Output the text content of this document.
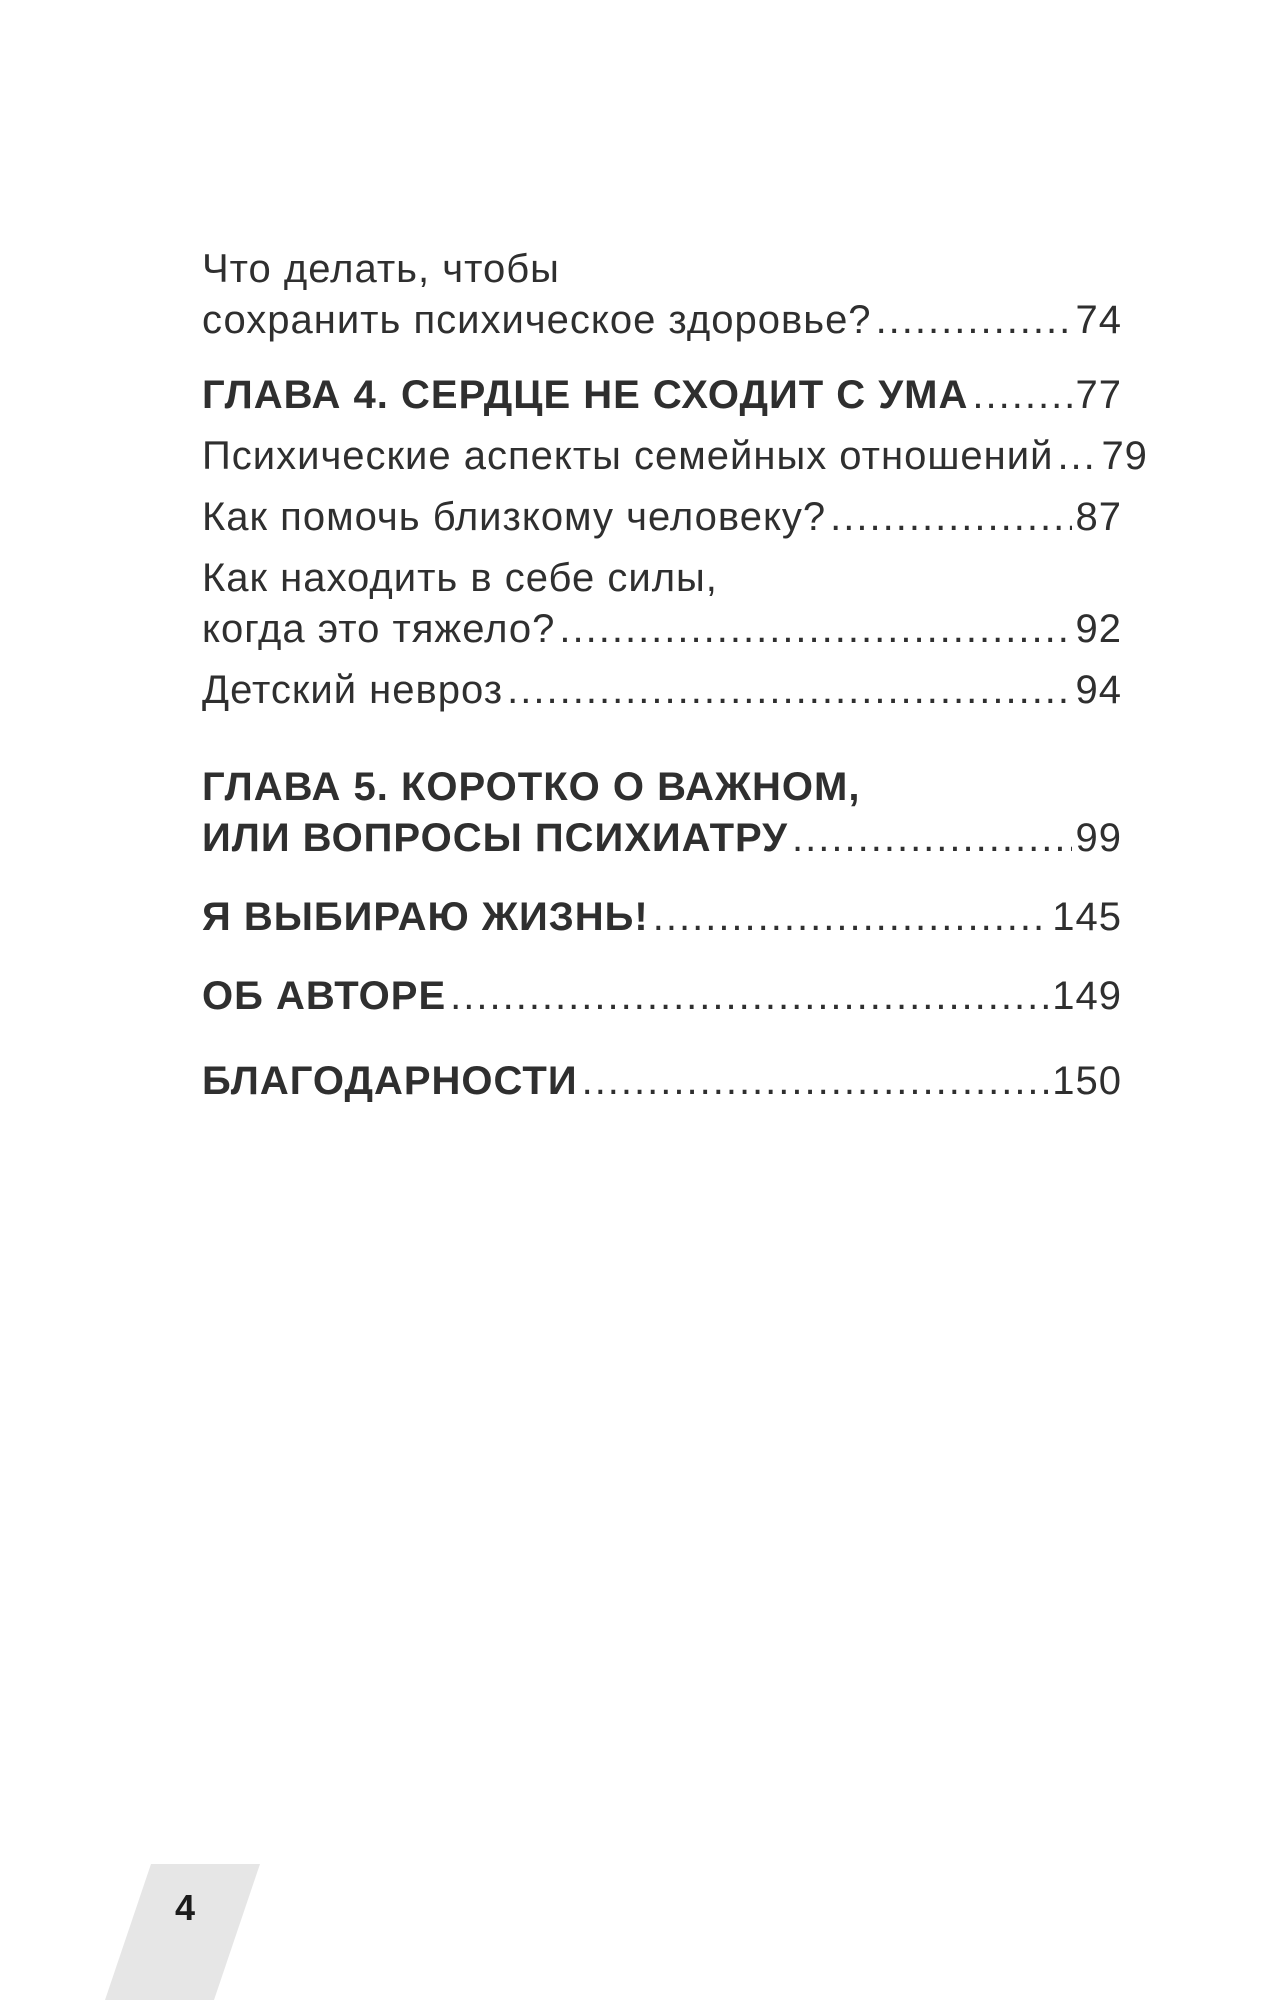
Что делать, чтобы
сохранить психическое здоровье? .....	74
ГЛАВА 4. СЕРДЦЕ НЕ СХОДИТ С УМА .....	77
Психические аспекты семейных отношений ..... 79
Как помочь близкому человеку? .....	87
Как находить в себе силы,
когда это тяжело? .....	92
Детский невроз .....	94
ГЛАВА 5. КОРОТКО О ВАЖНОМ,
ИЛИ ВОПРОСЫ ПСИХИАТРУ .....	99
Я ВЫБИРАЮ ЖИЗНЬ! .....	145
ОБ АВТОРЕ .....	149
БЛАГОДАРНОСТИ .....	150
4
